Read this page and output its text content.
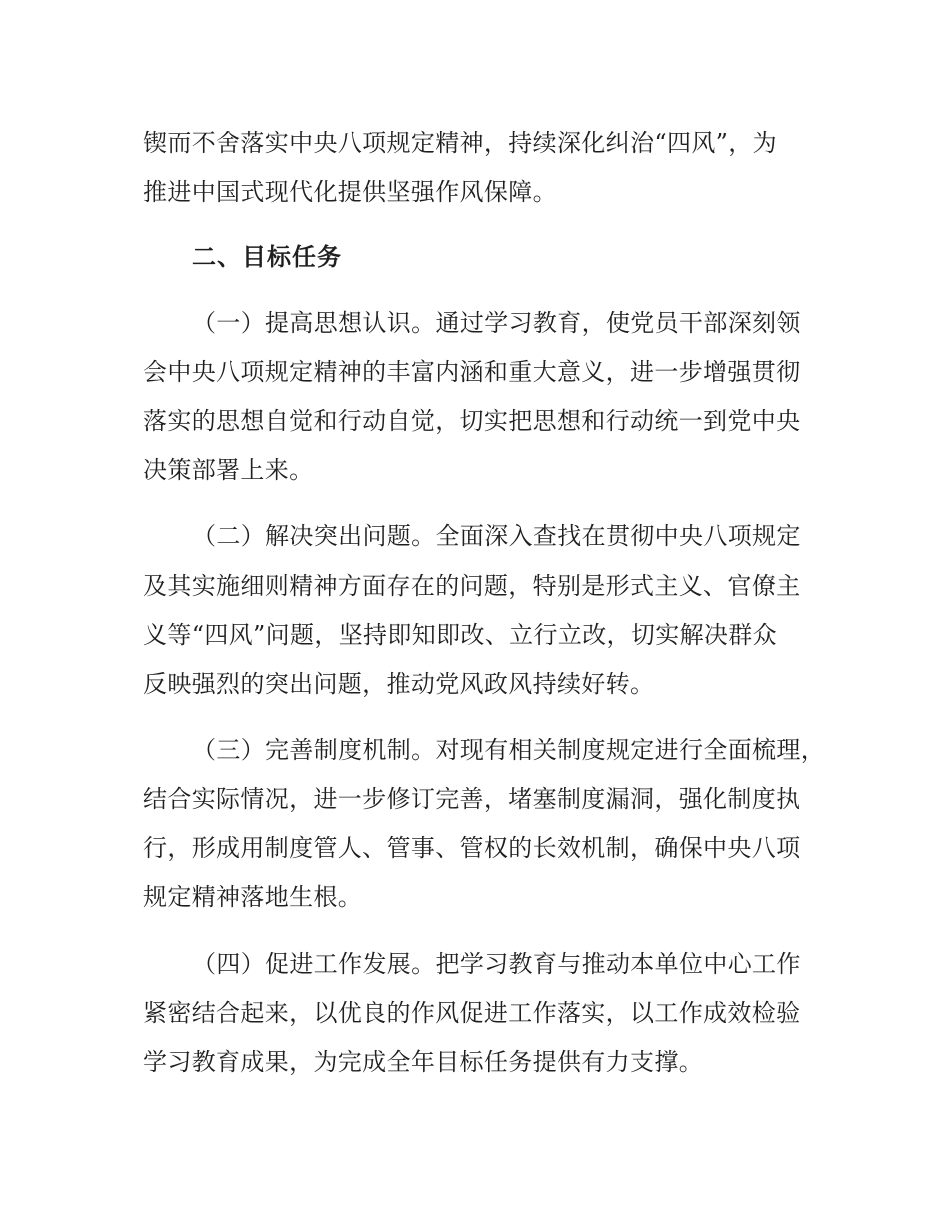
锲而不舍落实中央八项规定精神，持续深化纠治“四风”，为
推进中国式现代化提供坚强作风保障。
二、目标任务
（一）提高思想认识。通过学习教育，使党员干部深刻领
会中央八项规定精神的丰富内涵和重大意义，进一步增强贯彻
落实的思想自觉和行动自觉，切实把思想和行动统一到党中央
决策部署上来。
（二）解决突出问题。全面深入查找在贯彻中央八项规定
及其实施细则精神方面存在的问题，特别是形式主义、官僚主
义等“四风”问题，坚持即知即改、立行立改，切实解决群众
反映强烈的突出问题，推动党风政风持续好转。
（三）完善制度机制。对现有相关制度规定进行全面梳理，
结合实际情况，进一步修订完善，堵塞制度漏洞，强化制度执
行，形成用制度管人、管事、管权的长效机制，确保中央八项
规定精神落地生根。
（四）促进工作发展。把学习教育与推动本单位中心工作
紧密结合起来，以优良的作风促进工作落实，以工作成效检验
学习教育成果，为完成全年目标任务提供有力支撑。
